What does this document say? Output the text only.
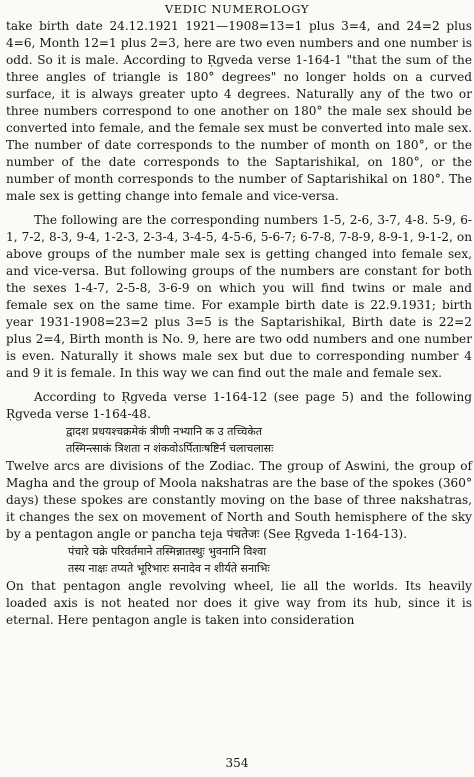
VEDIC NUMEROLOGY

take birth date 24.12.1921 1921—1908=13=1 plus 3=4, and 24=2 plus 4=6, Month 12=1 plus 2=3, here are two even numbers and one number is odd. So it is male. According to Ṛgveda verse 1-164-1 "that the sum of the three angles of triangle is 180° degrees" no longer holds on a curved surface, it is always greater upto 4 degrees. Naturally any of the two or three numbers correspond to one another on 180° the male sex should be converted into female, and the female sex must be converted into male sex. The number of date corresponds to the number of month on 180°, or the number of the date corresponds to the Saptarishikal, on 180°, or the number of month corresponds to the number of Saptarishikal on 180°. The male sex is getting change into female and vice-versa.

The following are the corresponding numbers 1-5, 2-6, 3-7, 4-8. 5-9, 6-1, 7-2, 8-3, 9-4, 1-2-3, 2-3-4, 3-4-5, 4-5-6, 5-6-7; 6-7-8, 7-8-9, 8-9-1, 9-1-2, on above groups of the number male sex is getting changed into female sex, and vice-versa. But following groups of the numbers are constant for both the sexes 1-4-7, 2-5-8, 3-6-9 on which you will find twins or male and female sex on the same time. For example birth date is 22.9.1931; birth year 1931-1908=23=2 plus 3=5 is the Saptarishikal, Birth date is 22=2 plus 2=4, Birth month is No. 9, here are two odd numbers and one number is even. Naturally it shows male sex but due to corresponding number 4 and 9 it is female. In this way we can find out the male and female sex.

According to Ṛgveda verse 1-164-12 (see page 5) and the following Ṛgveda verse 1-164-48.

द्वादश प्रधयश्चक्रमेकं त्रीणी नभ्यानि क उ तच्चिकेत
तस्मिन्त्साकं त्रिशता न शंकवोऽर्पिताःषष्टिर्न चलाचलासः

Twelve arcs are divisions of the Zodiac. The group of Aswini, the group of Magha and the group of Moola nakshatras are the base of the spokes (360° days) these spokes are constantly moving on the base of three nakshatras, it changes the sex on movement of North and South hemisphere of the sky by a pentagon angle or pancha teja पंचतेजः (See Ṛgveda 1-164-13).

पंचारे चक्रे परिवर्तमाने तस्मिन्नातस्थुः भुवनानि विश्वा
तस्य नाक्षः तप्यते भूरिभारः सनादेव न शीर्यते सनाभिः

On that pentagon angle revolving wheel, lie all the worlds. Its heavily loaded axis is not heated nor does it give way from its hub, since it is eternal. Here pentagon angle is taken into consideration

354
